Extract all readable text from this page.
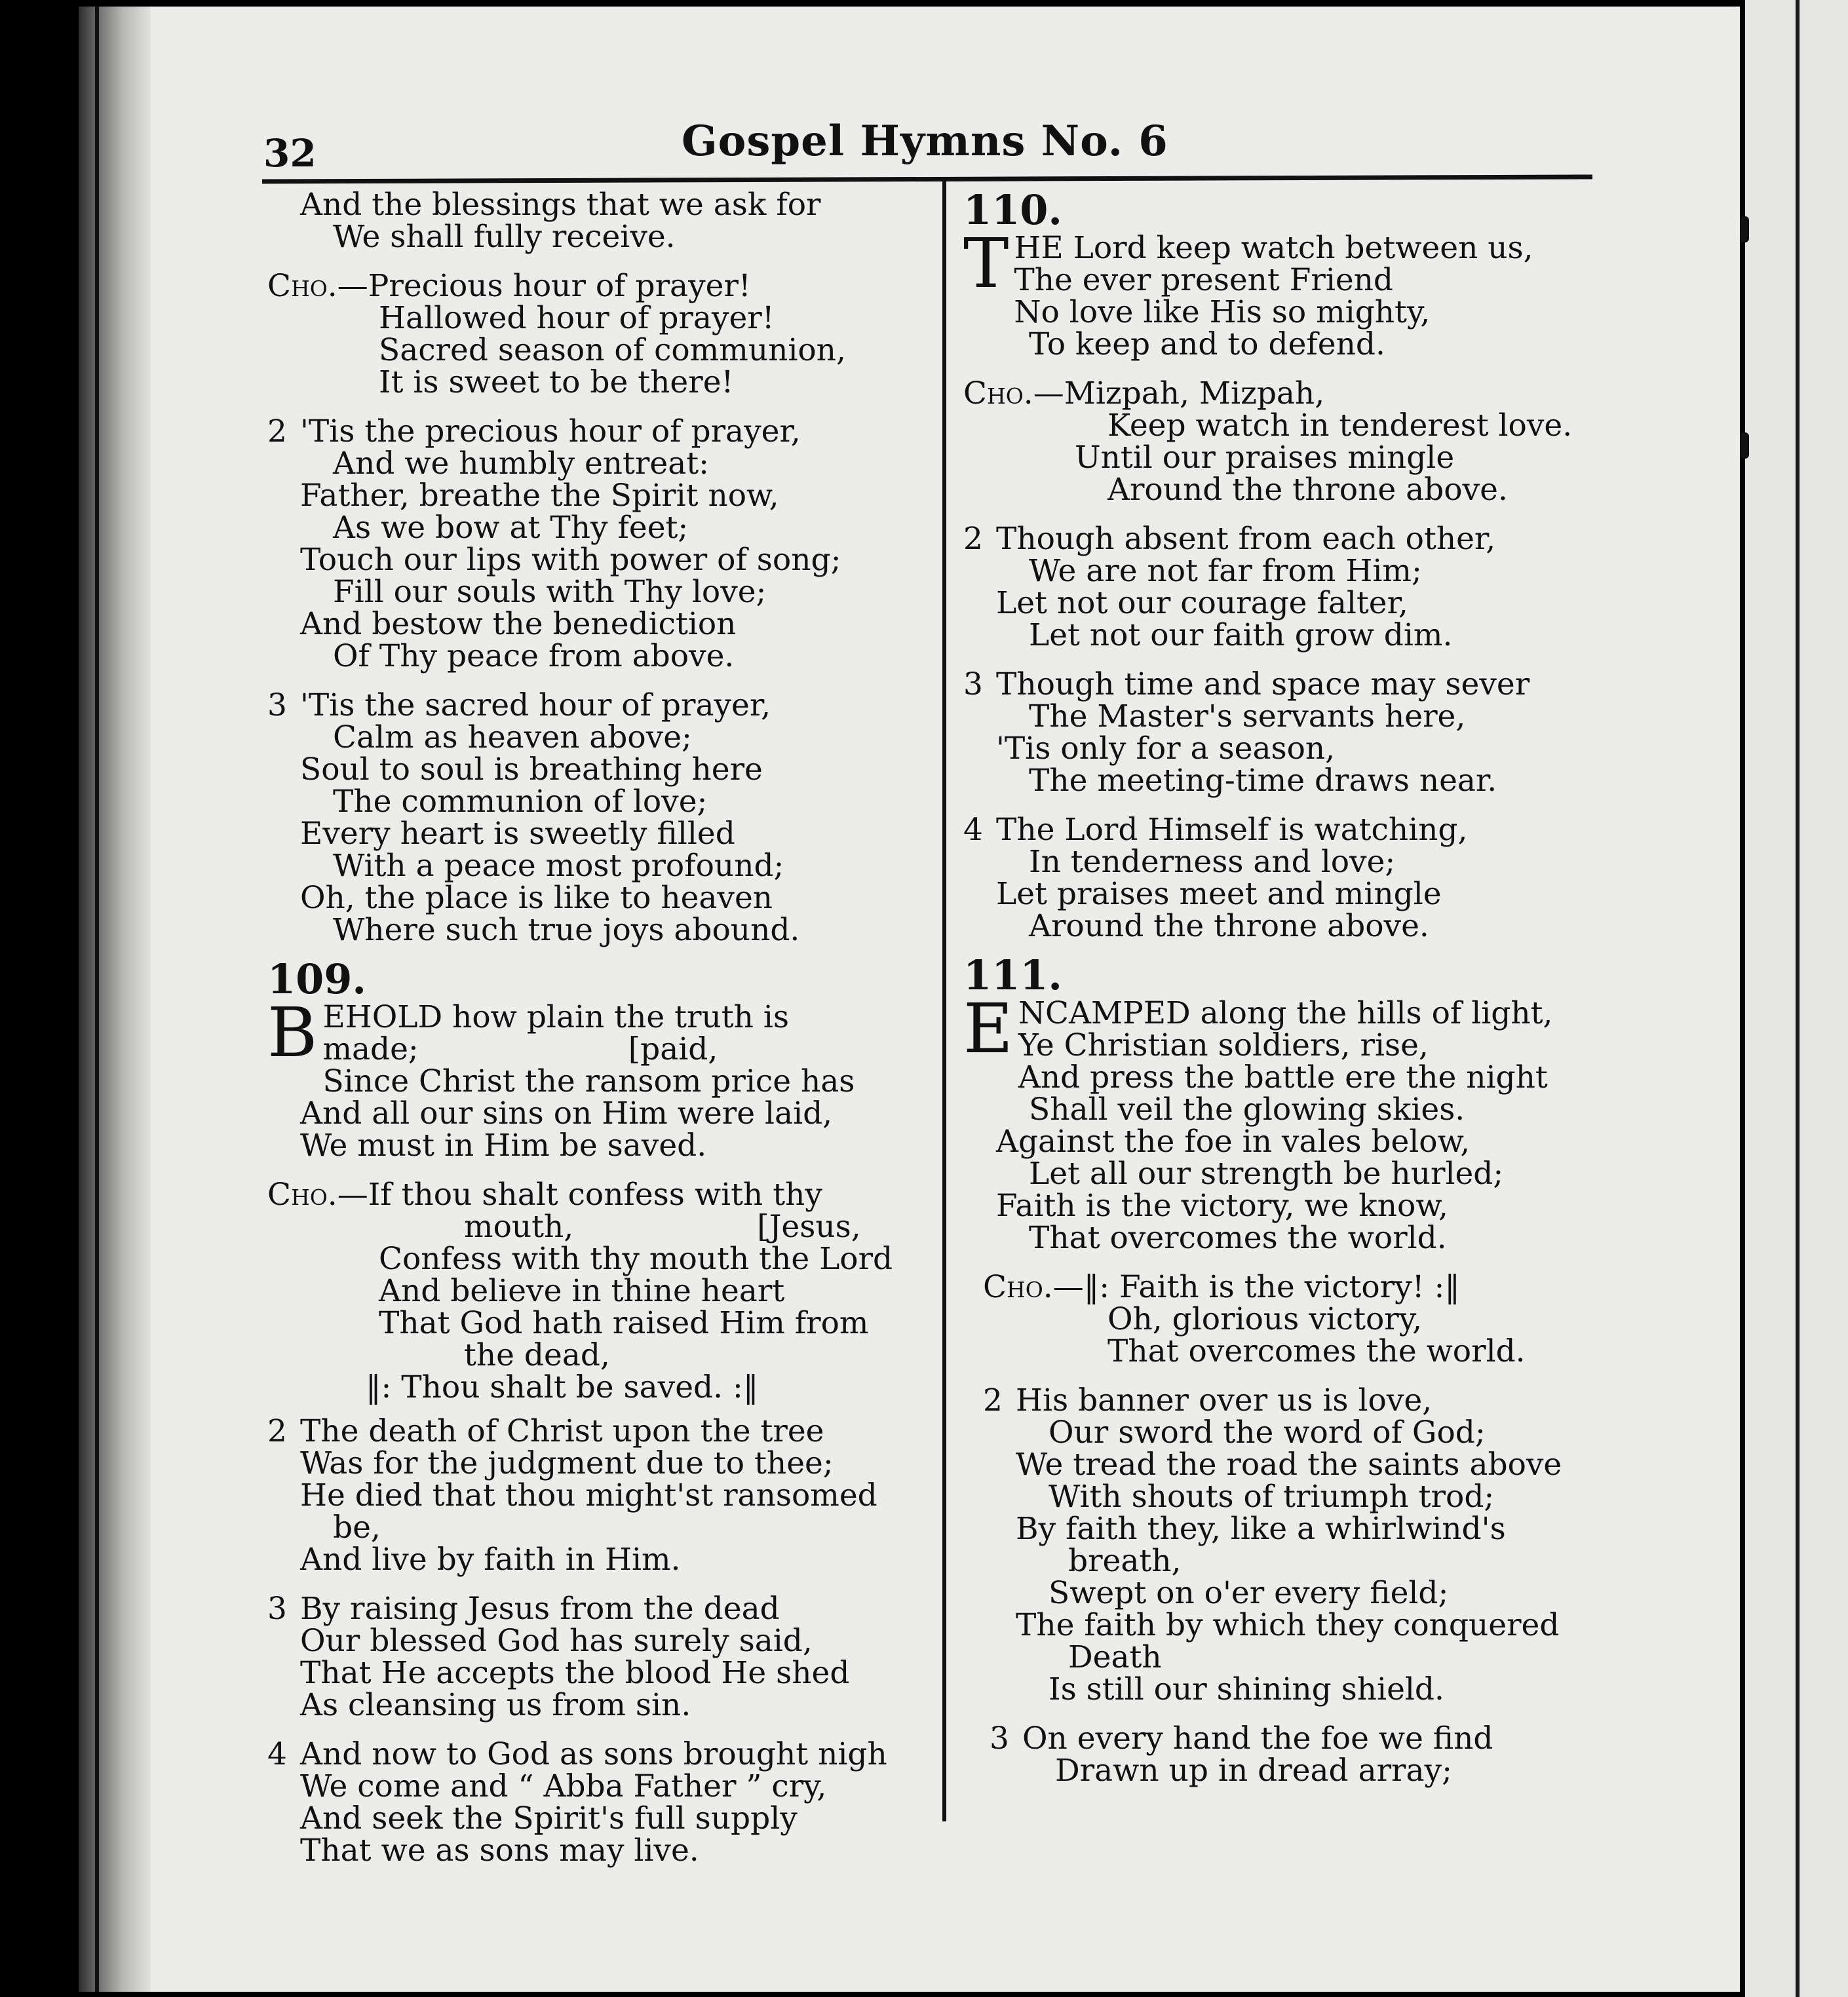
32	Gospel Hymns No. 6
And the blessings that we ask for
We shall fully receive.
Cho.—Precious hour of prayer!
Hallowed hour of prayer!
Sacred season of communion,
It is sweet to be there!
2 'Tis the precious hour of prayer,
And we humbly entreat:
Father, breathe the Spirit now,
As we bow at Thy feet;
Touch our lips with power of song;
Fill our souls with Thy love;
And bestow the benediction
Of Thy peace from above.
3 'Tis the sacred hour of prayer,
Calm as heaven above;
Soul to soul is breathing here
The communion of love;
Every heart is sweetly filled
With a peace most profound;
Oh, the place is like to heaven
Where such true joys abound.
109.
B EHOLD how plain the truth is
made;	[paid,
Since Christ the ransom price has
And all our sins on Him were laid,
We must in Him be saved.
Cho.—If thou shalt confess with thy
mouth,	[Jesus,
Confess with thy mouth the Lord
And believe in thine heart
That God hath raised Him from
the dead,
‖: Thou shalt be saved. :‖
2 The death of Christ upon the tree
Was for the judgment due to thee;
He died that thou might'st ransomed
be,
And live by faith in Him.
3 By raising Jesus from the dead
Our blessed God has surely said,
That He accepts the blood He shed
As cleansing us from sin.
4 And now to God as sons brought nigh
We come and “ Abba Father ” cry,
And seek the Spirit's full supply
That we as sons may live.
110.
T HE Lord keep watch between us,
The ever present Friend
No love like His so mighty,
To keep and to defend.
Cho.—Mizpah, Mizpah,
Keep watch in tenderest love.
Until our praises mingle
Around the throne above.
2 Though absent from each other,
We are not far from Him;
Let not our courage falter,
Let not our faith grow dim.
3 Though time and space may sever
The Master's servants here,
'Tis only for a season,
The meeting-time draws near.
4 The Lord Himself is watching,
In tenderness and love;
Let praises meet and mingle
Around the throne above.
111.
E NCAMPED along the hills of light,
Ye Christian soldiers, rise,
And press the battle ere the night
Shall veil the glowing skies.
Against the foe in vales below,
Let all our strength be hurled;
Faith is the victory, we know,
That overcomes the world.
Cho.—‖: Faith is the victory! :‖
Oh, glorious victory,
That overcomes the world.
2 His banner over us is love,
Our sword the word of God;
We tread the road the saints above
With shouts of triumph trod;
By faith they, like a whirlwind's
breath,
Swept on o'er every field;
The faith by which they conquered
Death
Is still our shining shield.
3 On every hand the foe we find
Drawn up in dread array;
